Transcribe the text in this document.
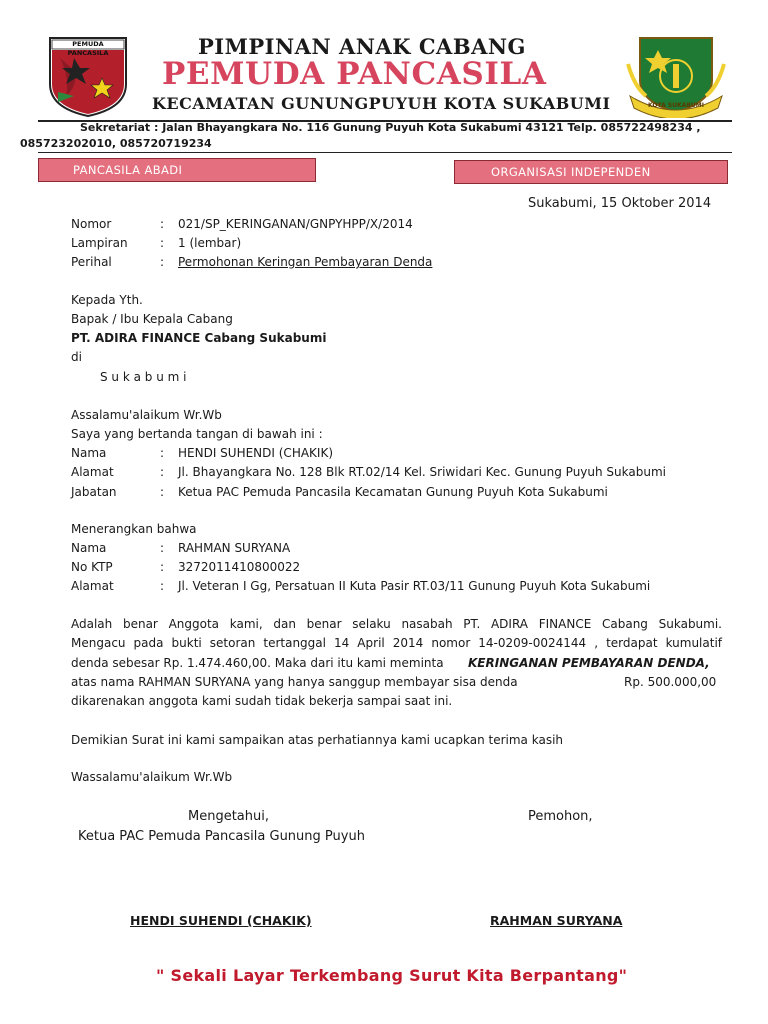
PEMUDA PANCASILA	PIMPINAN ANAK CABANG
PEMUDA PANCASILA
KECAMATAN GUNUNGPUYUH KOTA SUKABUMI	KOTA SUKABUMI
Sekretariat : Jalan Bhayangkara No. 116 Gunung Puyuh Kota Sukabumi 43121 Telp. 085722498234 ,
085723202010, 085720719234
PANCASILA ABADI	ORGANISASI INDEPENDEN
Sukabumi, 15 Oktober 2014
Nomor	: 021/SP_KERINGANAN/GNPYHPP/X/2014
Lampiran	: 1 (lembar)
Perihal	: Permohonan Keringan Pembayaran Denda
Kepada Yth.
Bapak / Ibu Kepala Cabang
PT. ADIRA FINANCE Cabang Sukabumi
di
S u k a b u m i
Assalamu'alaikum Wr.Wb
Saya yang bertanda tangan di bawah ini :
Nama	: HENDI SUHENDI (CHAKIK)
Alamat	: Jl. Bhayangkara No. 128 Blk RT.02/14 Kel. Sriwidari Kec. Gunung Puyuh Sukabumi
Jabatan	: Ketua PAC Pemuda Pancasila Kecamatan Gunung Puyuh Kota Sukabumi
Menerangkan bahwa
Nama	: RAHMAN SURYANA
No KTP	: 3272011410800022
Alamat	: Jl. Veteran I Gg, Persatuan II Kuta Pasir RT.03/11 Gunung Puyuh Kota Sukabumi
Adalah benar Anggota kami, dan benar selaku nasabah PT. ADIRA FINANCE Cabang Sukabumi.
Mengacu pada bukti setoran tertanggal 14 April 2014 nomor 14-0209-0024144 , terdapat kumulatif
denda sebesar Rp. 1.474.460,00. Maka dari itu kami meminta KERINGANAN PEMBAYARAN DENDA,
atas nama RAHMAN SURYANA yang hanya sanggup membayar sisa denda	Rp. 500.000,00
dikarenakan anggota kami sudah tidak bekerja sampai saat ini.
Demikian Surat ini kami sampaikan atas perhatiannya kami ucapkan terima kasih
Wassalamu'alaikum Wr.Wb
Mengetahui,
Ketua PAC Pemuda Pancasila Gunung Puyuh
Pemohon,
HENDI SUHENDI (CHAKIK)	RAHMAN SURYANA
" Sekali Layar Terkembang Surut Kita Berpantang"
